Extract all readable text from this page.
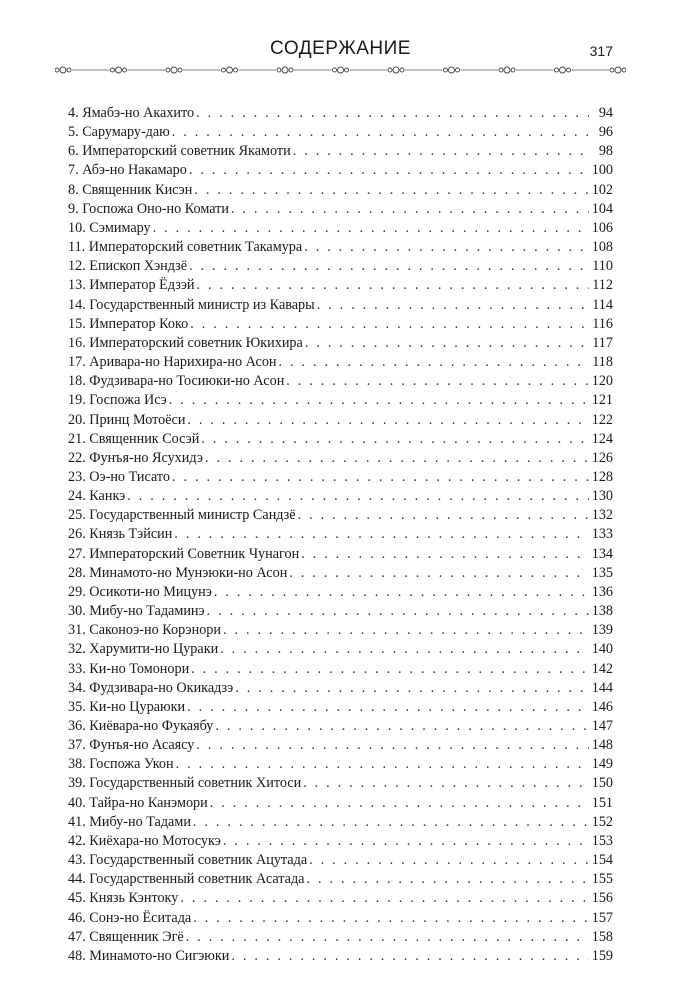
СОДЕРЖАНИЕ	317
4. Ямабэ-но Акахито . . .	94
5. Сарумару-даю . . .	96
6. Императорский советник Якамоти . . .	98
7. Абэ-но Накамаро . . .	100
8. Священник Кисэн . . .	102
9. Госпожа Оно-но Комати . . .	104
10. Сэмимару . . .	106
11. Императорский советник Такамура . . .	108
12. Епископ Хэндзё . . .	110
13. Император Ёдзэй . . .	112
14. Государственный министр из Кавары . . .	114
15. Император Коко . . .	116
16. Императорский советник Юкихира . . .	117
17. Аривара-но Нарихира-но Асон . . .	118
18. Фудзивара-но Тосиюки-но Асон . . .	120
19. Госпожа Исэ . . .	121
20. Принц Мотоёси . . .	122
21. Священник Сосэй . . .	124
22. Фунъя-но Ясухидэ . . .	126
23. Оэ-но Тисато . . .	128
24. Канкэ . . .	130
25. Государственный министр Сандзё . . .	132
26. Князь Тэйсин . . .	133
27. Императорский Советник Чунагон . . .	134
28. Минамото-но Мунэюки-но Асон . . .	135
29. Осикоти-но Мицунэ . . .	136
30. Мибу-но Тадаминэ . . .	138
31. Саконоэ-но Корэнори . . .	139
32. Харумити-но Цураки . . .	140
33. Ки-но Томонори . . .	142
34. Фудзивара-но Окикадзэ . . .	144
35. Ки-но Цураюки . . .	146
36. Киёвара-но Фукаябу . . .	147
37. Фунъя-но Асаясу . . .	148
38. Госпожа Укон . . .	149
39. Государственный советник Хитоси . . .	150
40. Тайра-но Канэмори . . .	151
41. Мибу-но Тадами . . .	152
42. Киёхара-но Мотосукэ . . .	153
43. Государственный советник Ацутада . . .	154
44. Государственный советник Асатада . . .	155
45. Князь Кэнтоку . . .	156
46. Сонэ-но Ёситада . . .	157
47. Священник Эгё . . .	158
48. Минамото-но Сигэюки . . .	159
